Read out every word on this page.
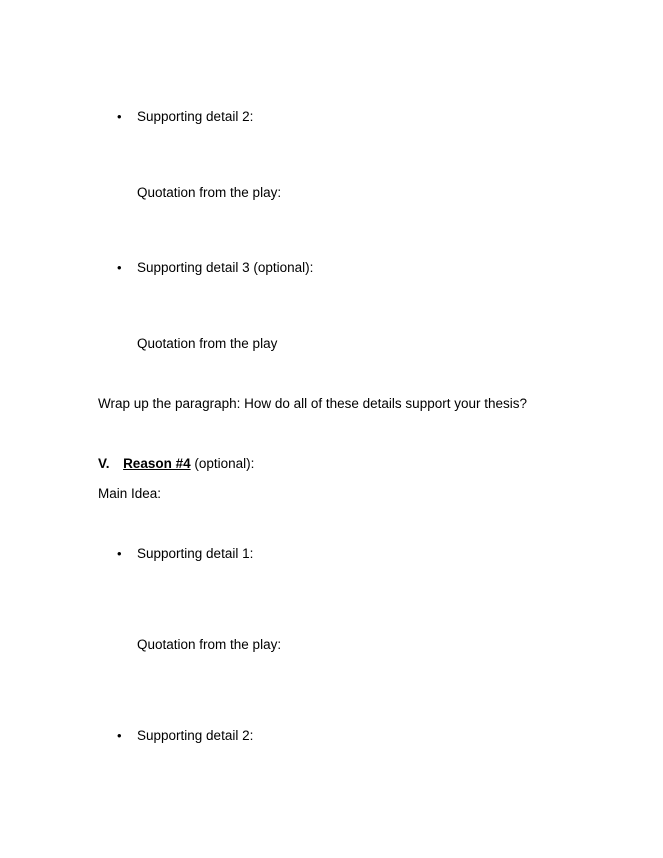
• Supporting detail 2:
Quotation from the play:
• Supporting detail 3 (optional):
Quotation from the play
Wrap up the paragraph: How do all of these details support your thesis?
V. Reason #4 (optional):
Main Idea:
• Supporting detail 1:
Quotation from the play:
• Supporting detail 2:
